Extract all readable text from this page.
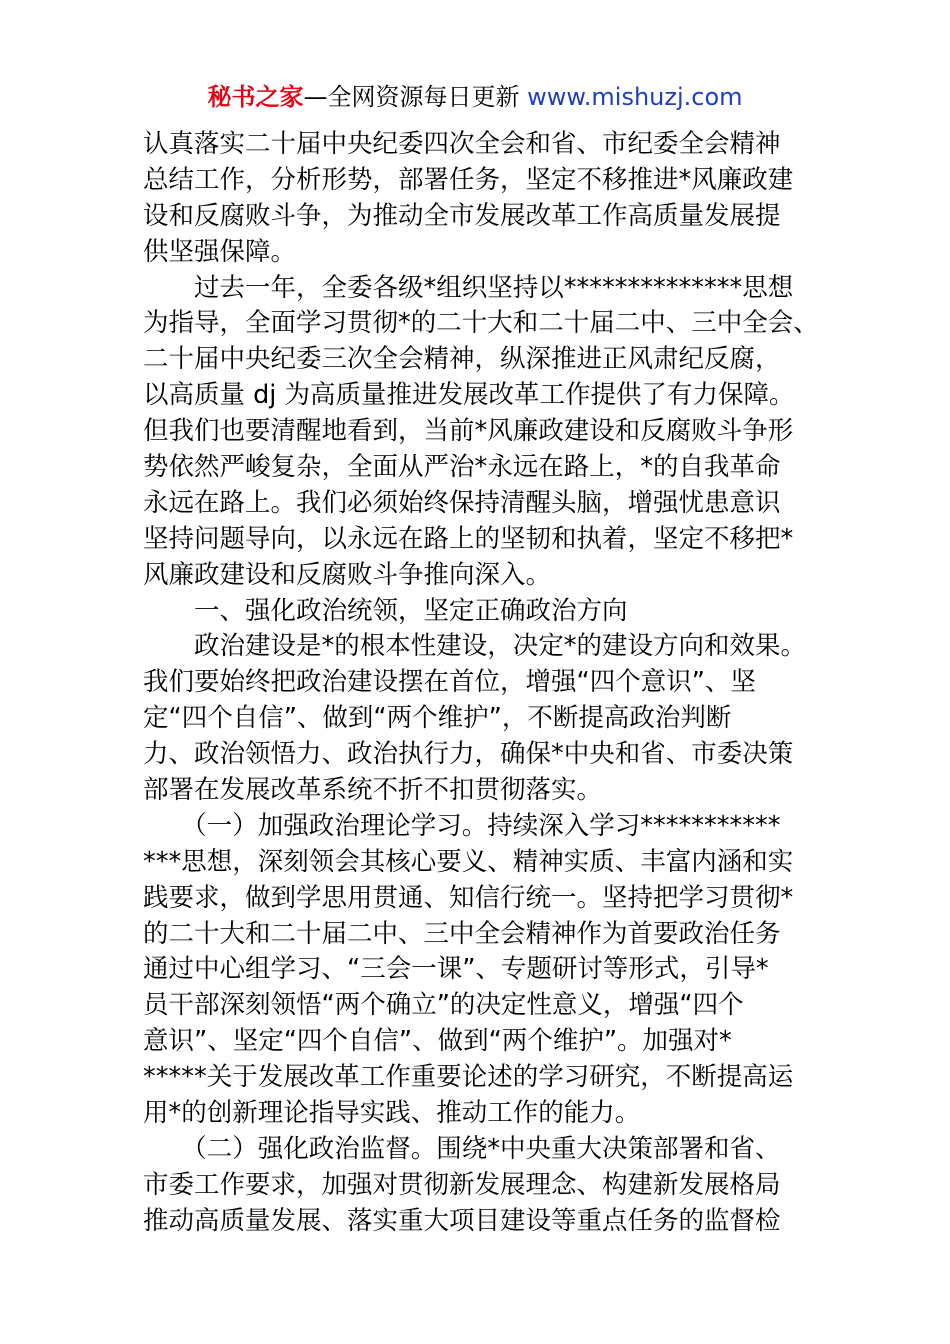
秘书之家—全网资源每日更新 www.mishuzj.com
认真落实二十届中央纪委四次全会和省、市纪委全会精神
总结工作，分析形势，部署任务，坚定不移推进*风廉政建
设和反腐败斗争，为推动全市发展改革工作高质量发展提
供坚强保障。
　　过去一年，全委各级*组织坚持以**************思想
为指导，全面学习贯彻*的二十大和二十届二中、三中全会、
二十届中央纪委三次全会精神，纵深推进正风肃纪反腐，
以高质量 dj 为高质量推进发展改革工作提供了有力保障。
但我们也要清醒地看到，当前*风廉政建设和反腐败斗争形
势依然严峻复杂，全面从严治*永远在路上，*的自我革命
永远在路上。我们必须始终保持清醒头脑，增强忧患意识
坚持问题导向，以永远在路上的坚韧和执着，坚定不移把*
风廉政建设和反腐败斗争推向深入。
　　一、强化政治统领，坚定正确政治方向
　　政治建设是*的根本性建设，决定*的建设方向和效果。
我们要始终把政治建设摆在首位，增强“四个意识”、坚
定“四个自信”、做到“两个维护”，不断提高政治判断
力、政治领悟力、政治执行力，确保*中央和省、市委决策
部署在发展改革系统不折不扣贯彻落实。
　　（一）加强政治理论学习。持续深入学习***********
***思想，深刻领会其核心要义、精神实质、丰富内涵和实
践要求，做到学思用贯通、知信行统一。坚持把学习贯彻*
的二十大和二十届二中、三中全会精神作为首要政治任务
通过中心组学习、“三会一课”、专题研讨等形式，引导*
员干部深刻领悟“两个确立”的决定性意义，增强“四个
意识”、坚定“四个自信”、做到“两个维护”。加强对*
*****关于发展改革工作重要论述的学习研究，不断提高运
用*的创新理论指导实践、推动工作的能力。
　　（二）强化政治监督。围绕*中央重大决策部署和省、
市委工作要求，加强对贯彻新发展理念、构建新发展格局
推动高质量发展、落实重大项目建设等重点任务的监督检
